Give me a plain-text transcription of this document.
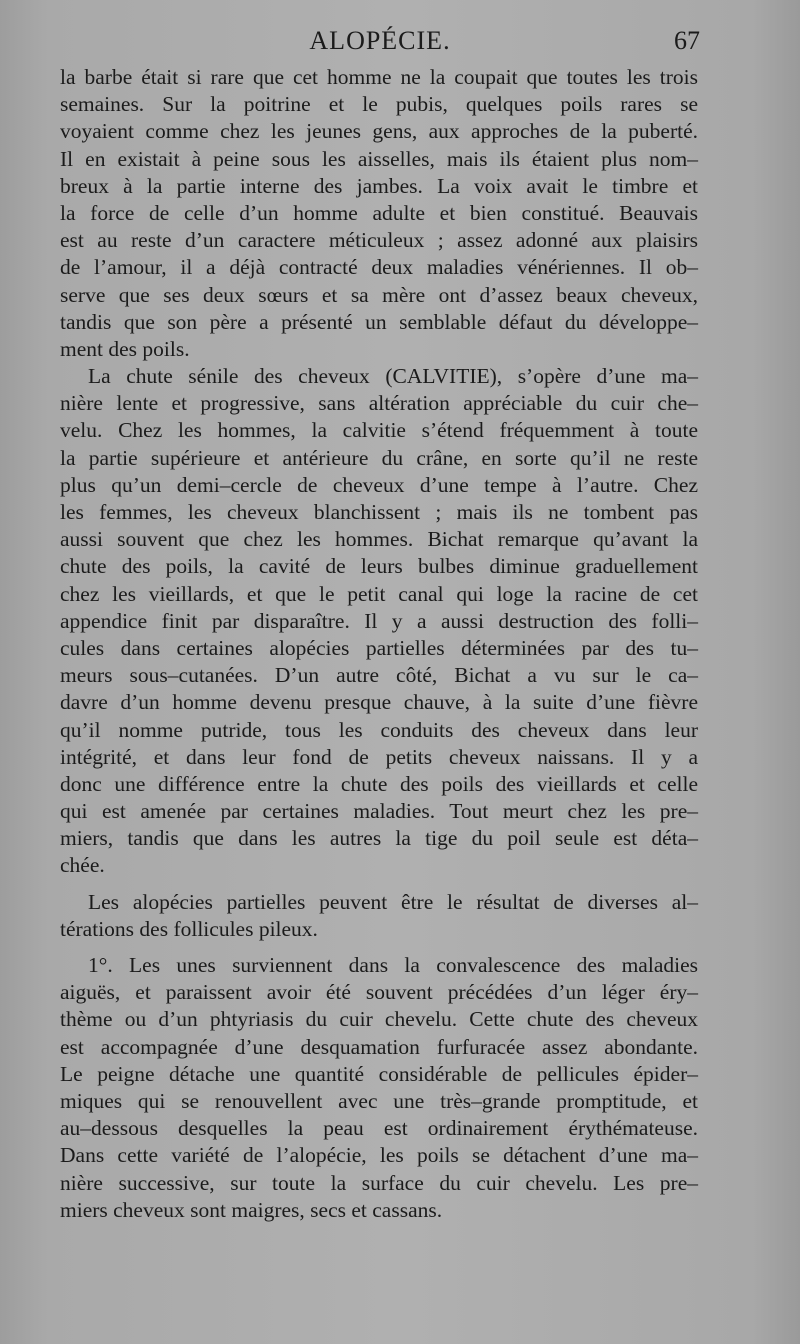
ALOPÉCIE.	67
la barbe était si rare que cet homme ne la coupait que toutes les trois
semaines. Sur la poitrine et le pubis, quelques poils rares se
voyaient comme chez les jeunes gens, aux approches de la puberté.
Il en existait à peine sous les aisselles, mais ils étaient plus nom–
breux à la partie interne des jambes. La voix avait le timbre et
la force de celle d’un homme adulte et bien constitué. Beauvais
est au reste d’un caractere méticuleux ; assez adonné aux plaisirs
de l’amour, il a déjà contracté deux maladies vénériennes. Il ob–
serve que ses deux sœurs et sa mère ont d’assez beaux cheveux,
tandis que son père a présenté un semblable défaut du développe–
ment des poils.
La chute sénile des cheveux (CALVITIE), s’opère d’une ma–
nière lente et progressive, sans altération appréciable du cuir che–
velu. Chez les hommes, la calvitie s’étend fréquemment à toute
la partie supérieure et antérieure du crâne, en sorte qu’il ne reste
plus qu’un demi–cercle de cheveux d’une tempe à l’autre. Chez
les femmes, les cheveux blanchissent ; mais ils ne tombent pas
aussi souvent que chez les hommes. Bichat remarque qu’avant la
chute des poils, la cavité de leurs bulbes diminue graduellement
chez les vieillards, et que le petit canal qui loge la racine de cet
appendice finit par disparaître. Il y a aussi destruction des folli–
cules dans certaines alopécies partielles déterminées par des tu–
meurs sous–cutanées. D’un autre côté, Bichat a vu sur le ca–
davre d’un homme devenu presque chauve, à la suite d’une fièvre
qu’il nomme putride, tous les conduits des cheveux dans leur
intégrité, et dans leur fond de petits cheveux naissans. Il y a
donc une différence entre la chute des poils des vieillards et celle
qui est amenée par certaines maladies. Tout meurt chez les pre–
miers, tandis que dans les autres la tige du poil seule est déta–
chée.
Les alopécies partielles peuvent être le résultat de diverses al–
térations des follicules pileux.
1°. Les unes surviennent dans la convalescence des maladies
aiguës, et paraissent avoir été souvent précédées d’un léger éry–
thème ou d’un phtyriasis du cuir chevelu. Cette chute des cheveux
est accompagnée d’une desquamation furfuracée assez abondante.
Le peigne détache une quantité considérable de pellicules épider–
miques qui se renouvellent avec une très–grande promptitude, et
au–dessous desquelles la peau est ordinairement érythémateuse.
Dans cette variété de l’alopécie, les poils se détachent d’une ma–
nière successive, sur toute la surface du cuir chevelu. Les pre–
miers cheveux sont maigres, secs et cassans.
